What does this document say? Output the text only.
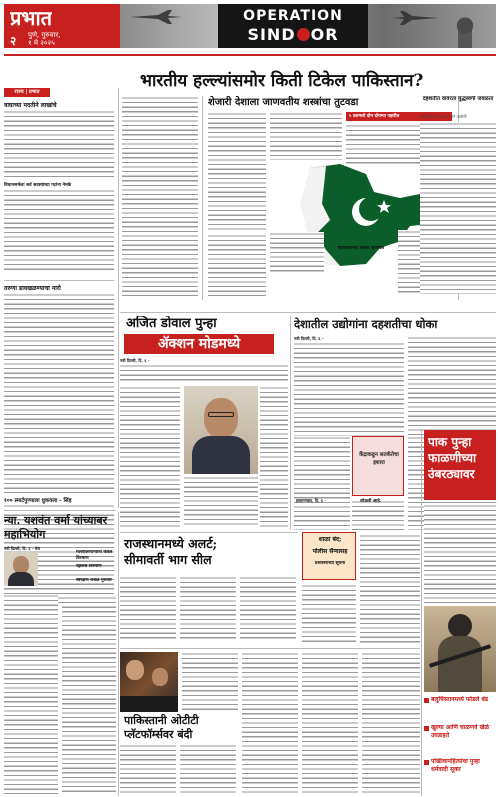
प्रभात
२ पुणे, गुरुवार,
१ मे २०२५
OPERATION
SIND OR
राज्य | प्रभात
वाघाच्या मदतीने लाखांचे
विधानसभेला सर्व सदस्यांच्या गटांना नेमके
तरुणा डावखळण्याचा नारो
१०० स्मार्टपुण्याला धुकवला - सिंह
भारतीय हल्ल्यांसमोर किती टिकेल पाकिस्तान?
शेजारी देशाला जाणवतीय शस्त्रांचा तुटवडा
५ दशमध्ये दोन दोपम्या पहारीत
पाकिस्तानला तब्बल जाणवेल
दहशतीत वावरता युद्धस्वर्गी जवळता
पाकिस्तान हल्ला प्रसंगाने आरोपी
अजित डोवाल पुन्हा
ॲक्शन मोडमध्ये
नवी दिल्ली, दि. ६ -
देशातील उद्योगांना दहशतीचा धोका
नवी दिल्ली, दि. ६ -
केंद्राकडून सतर्कतेचा इशारा
न्या. यशवंत वर्मा यांच्याबर महाभियोग
नवी दिल्ली, दि. ६ - मेस
मलपालणाऱ्यांनी केवल विरमाण
रद्दलिस विरमाण
स्वरक्षण जवळ गुरुवार
राजस्थानमध्ये अलर्ट;
सीमावर्ती भाग सील
शाळा बंद;
पोलीस सैन्यासह
प्रशासनाच्या सूचना
इस्लामाबाद, दि. ६ -	शोधली आहे.
पाक पुन्हा फाळणीच्या उंबरठ्यावर
पाकिस्तानी ओटीटी
प्लॅटफॉर्म्सवर बंदी
बलुचिस्तानमध्ये फोडले बंड
खुल्या आणि चाळणवे खेळे उघडाहते
पख्तिवानहित्यांचा पुन्हा धर्मवादी सूक्त
